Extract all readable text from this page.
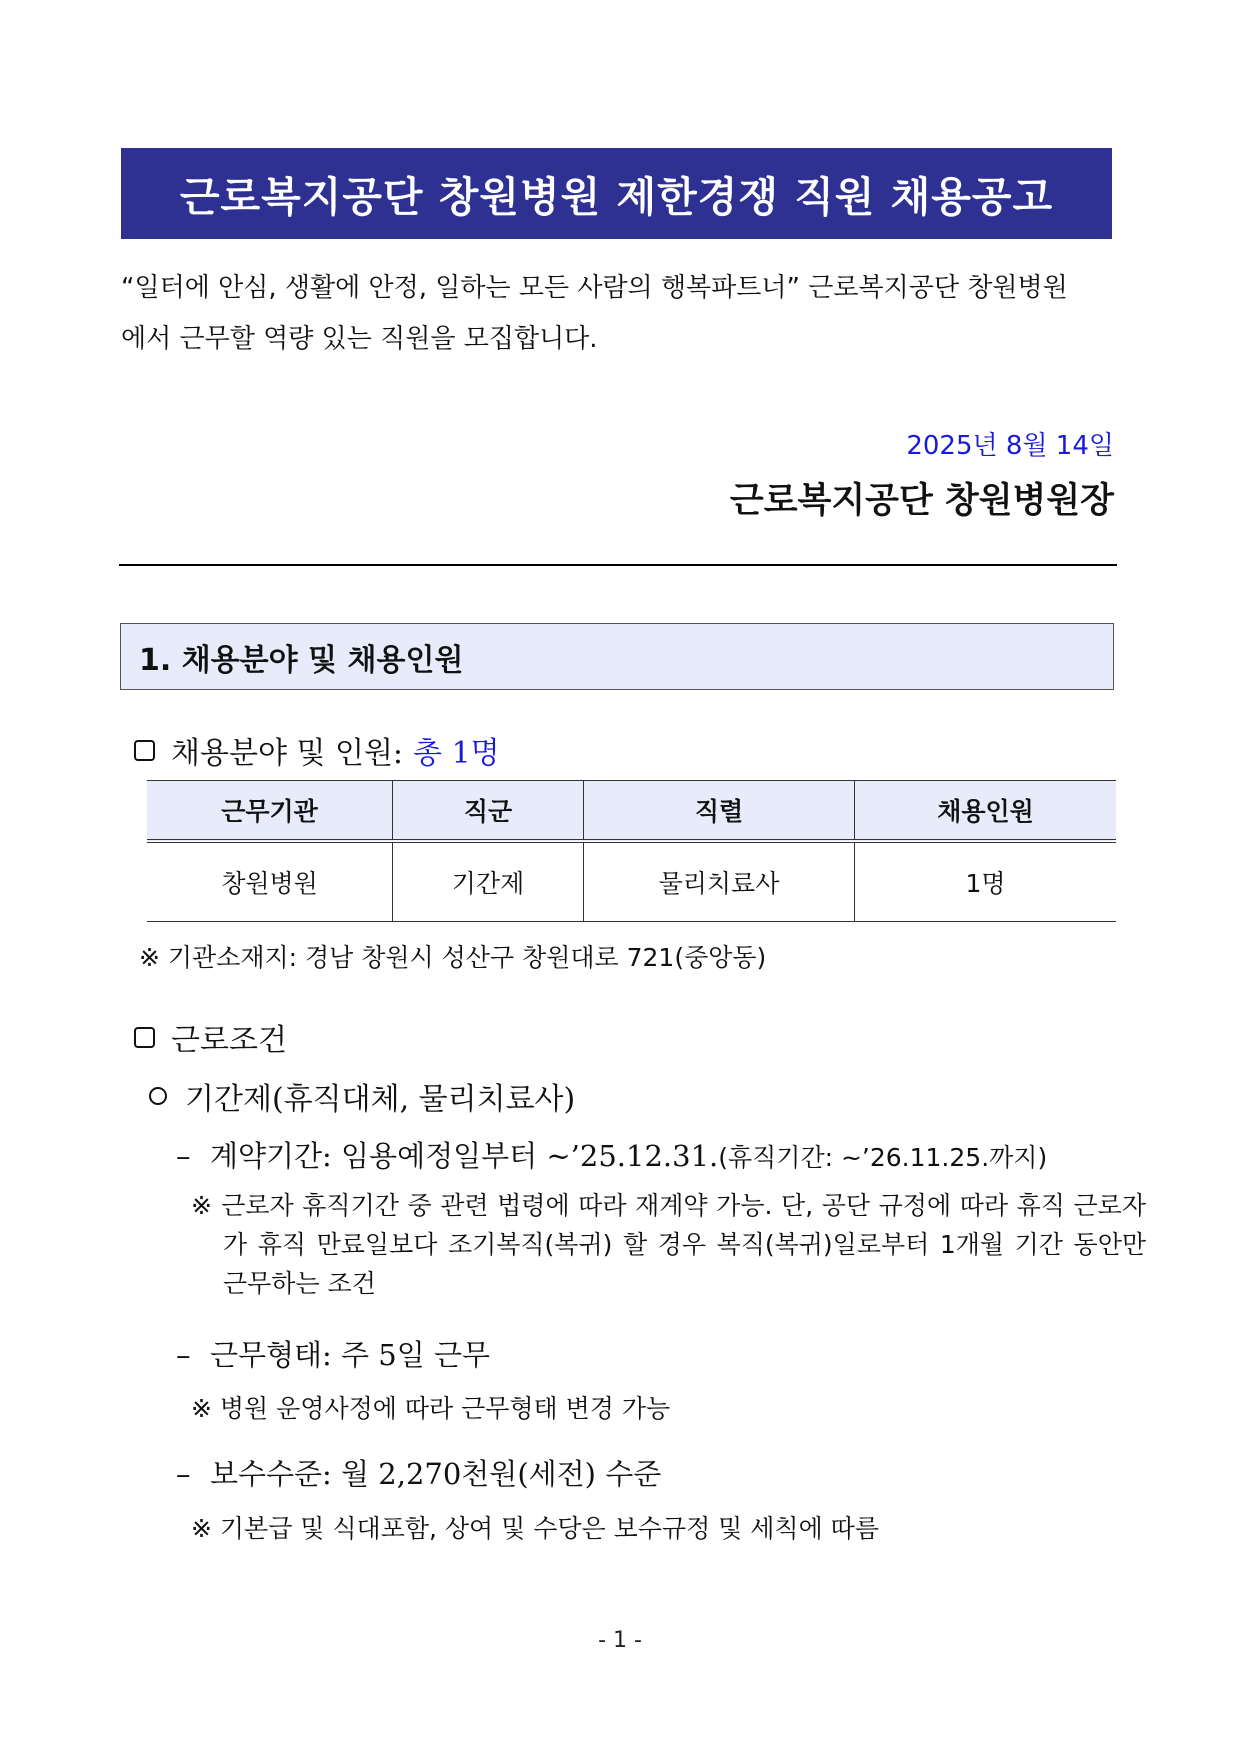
근로복지공단 창원병원 제한경쟁 직원 채용공고
“일터에 안심, 생활에 안정, 일하는 모든 사람의 행복파트너” 근로복지공단 창원병원
에서 근무할 역량 있는 직원을 모집합니다.
2025년 8월 14일
근로복지공단 창원병원장
1. 채용분야 및 채용인원
채용분야 및 인원: 총 1명
근무기관	직군	직렬	채용인원
창원병원	기간제	물리치료사	1명
※ 기관소재지: 경남 창원시 성산구 창원대로 721(중앙동)
근로조건
기간제(휴직대체, 물리치료사)
– 계약기간: 임용예정일부터 ~’25.12.31.(휴직기간: ~’26.11.25.까지)
※ 근로자 휴직기간 중 관련 법령에 따라 재계약 가능. 단, 공단 규정에 따라 휴직 근로자가 휴직 만료일보다 조기복직(복귀) 할 경우 복직(복귀)일로부터 1개월 기간 동안만 근무하는 조건
– 근무형태: 주 5일 근무
※ 병원 운영사정에 따라 근무형태 변경 가능
– 보수수준: 월 2,270천원(세전) 수준
※ 기본급 및 식대포함, 상여 및 수당은 보수규정 및 세칙에 따름
- 1 -
